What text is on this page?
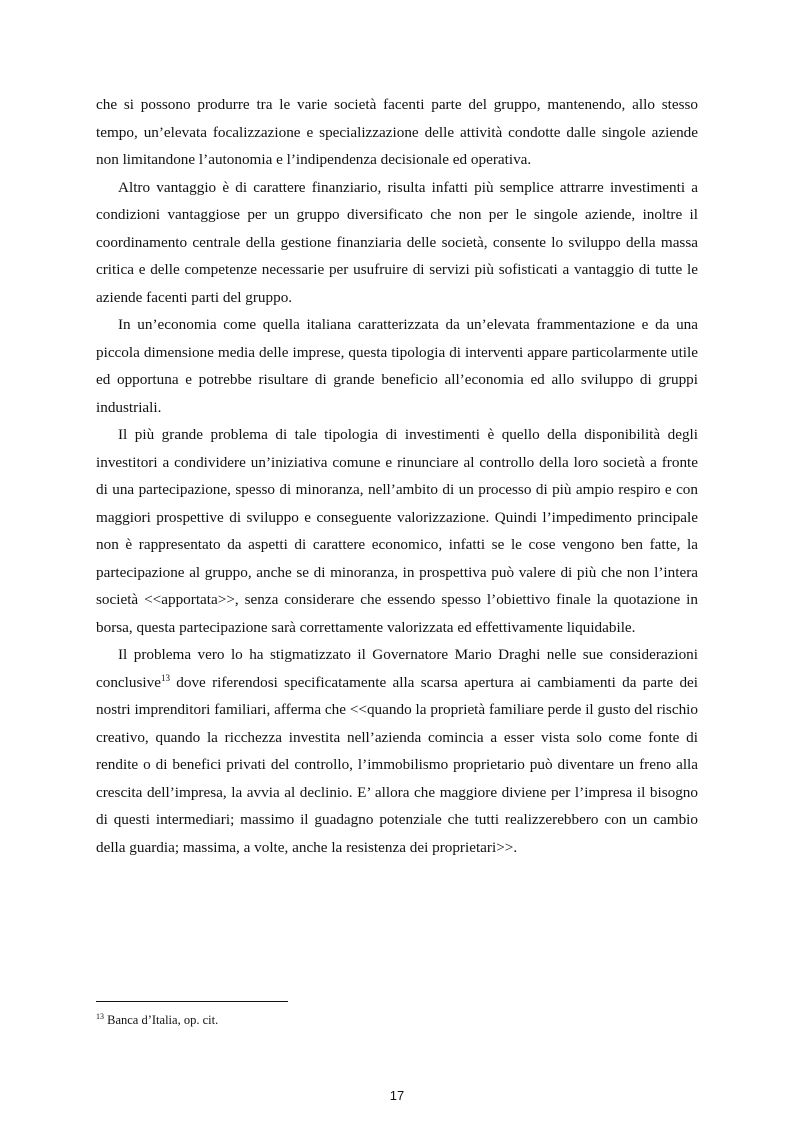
che si possono produrre tra le varie società facenti parte del gruppo, mantenendo, allo stesso tempo, un’elevata focalizzazione e specializzazione delle attività condotte dalle singole aziende non limitandone l’autonomia e l’indipendenza decisionale ed operativa.

Altro vantaggio è di carattere finanziario, risulta infatti più semplice attrarre investimenti a condizioni vantaggiose per un gruppo diversificato che non per le singole aziende, inoltre il coordinamento centrale della gestione finanziaria delle società, consente lo sviluppo della massa critica e delle competenze necessarie per usufruire di servizi più sofisticati a vantaggio di tutte le aziende facenti parti del gruppo.

In un’economia come quella italiana caratterizzata da un’elevata frammentazione e da una piccola dimensione media delle imprese, questa tipologia di interventi appare particolarmente utile ed opportuna e potrebbe risultare di grande beneficio all’economia ed allo sviluppo di gruppi industriali.

Il più grande problema di tale tipologia di investimenti è quello della disponibilità degli investitori a condividere un’iniziativa comune e rinunciare al controllo della loro società a fronte di una partecipazione, spesso di minoranza, nell’ambito di un processo di più ampio respiro e con maggiori prospettive di sviluppo e conseguente valorizzazione. Quindi l’impedimento principale non è rappresentato da aspetti di carattere economico, infatti se le cose vengono ben fatte, la partecipazione al gruppo, anche se di minoranza, in prospettiva può valere di più che non l’intera società <<apportata>>, senza considerare che essendo spesso l’obiettivo finale la quotazione in borsa, questa partecipazione sarà correttamente valorizzata ed effettivamente liquidabile.

Il problema vero lo ha stigmatizzato il Governatore Mario Draghi nelle sue considerazioni conclusive$^{13}$ dove riferendosi specificatamente alla scarsa apertura ai cambiamenti da parte dei nostri imprenditori familiari, afferma che <<quando la proprietà familiare perde il gusto del rischio creativo, quando la ricchezza investita nell’azienda comincia a esser vista solo come fonte di rendite o di benefici privati del controllo, l’immobilismo proprietario può diventare un freno alla crescita dell’impresa, la avvia al declinio. E’ allora che maggiore diviene per l’impresa il bisogno di questi intermediari; massimo il guadagno potenziale che tutti realizzerebbero con un cambio della guardia; massima, a volte, anche la resistenza dei proprietari>>.

$^{13}$ Banca d’Italia, op. cit.
17
